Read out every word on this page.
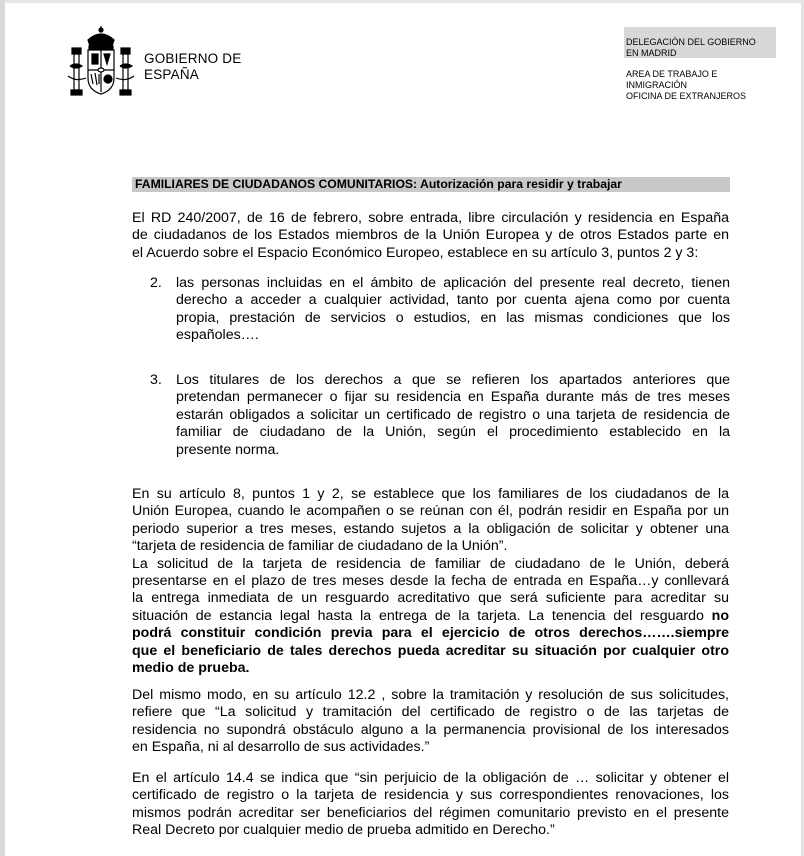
GOBIERNO DE
ESPAÑA
DELEGACIÓN DEL GOBIERNO
EN MADRID
AREA DE TRABAJO E
INMIGRACIÓN
OFICINA DE EXTRANJEROS
FAMILIARES DE CIUDADANOS COMUNITARIOS: Autorización para residir y trabajar
El RD 240/2007, de 16 de febrero, sobre entrada, libre circulación y residencia en España
de ciudadanos de los Estados miembros de la Unión Europea y de otros Estados parte en
el Acuerdo sobre el Espacio Económico Europeo, establece en su artículo 3, puntos 2 y 3:
2. las personas incluidas en el ámbito de aplicación del presente real decreto, tienen
derecho a acceder a cualquier actividad, tanto por cuenta ajena como por cuenta
propia, prestación de servicios o estudios, en las mismas condiciones que los
españoles….
3. Los titulares de los derechos a que se refieren los apartados anteriores que
pretendan permanecer o fijar su residencia en España durante más de tres meses
estarán obligados a solicitar un certificado de registro o una tarjeta de residencia de
familiar de ciudadano de la Unión, según el procedimiento establecido en la
presente norma.
En su artículo 8, puntos 1 y 2, se establece que los familiares de los ciudadanos de la
Unión Europea, cuando le acompañen o se reúnan con él, podrán residir en España por un
periodo superior a tres meses, estando sujetos a la obligación de solicitar y obtener una
“tarjeta de residencia de familiar de ciudadano de la Unión”.
La solicitud de la tarjeta de residencia de familiar de ciudadano de le Unión, deberá
presentarse en el plazo de tres meses desde la fecha de entrada en España…y conllevará
la entrega inmediata de un resguardo acreditativo que será suficiente para acreditar su
situación de estancia legal hasta la entrega de la tarjeta. La tenencia del resguardo no
podrá constituir condición previa para el ejercicio de otros derechos…….siempre
que el beneficiario de tales derechos pueda acreditar su situación por cualquier otro
medio de prueba.
Del mismo modo, en su artículo 12.2 , sobre la tramitación y resolución de sus solicitudes,
refiere que “La solicitud y tramitación del certificado de registro o de las tarjetas de
residencia no supondrá obstáculo alguno a la permanencia provisional de los interesados
en España, ni al desarrollo de sus actividades.”
En el artículo 14.4 se indica que “sin perjuicio de la obligación de … solicitar y obtener el
certificado de registro o la tarjeta de residencia y sus correspondientes renovaciones, los
mismos podrán acreditar ser beneficiarios del régimen comunitario previsto en el presente
Real Decreto por cualquier medio de prueba admitido en Derecho.”
